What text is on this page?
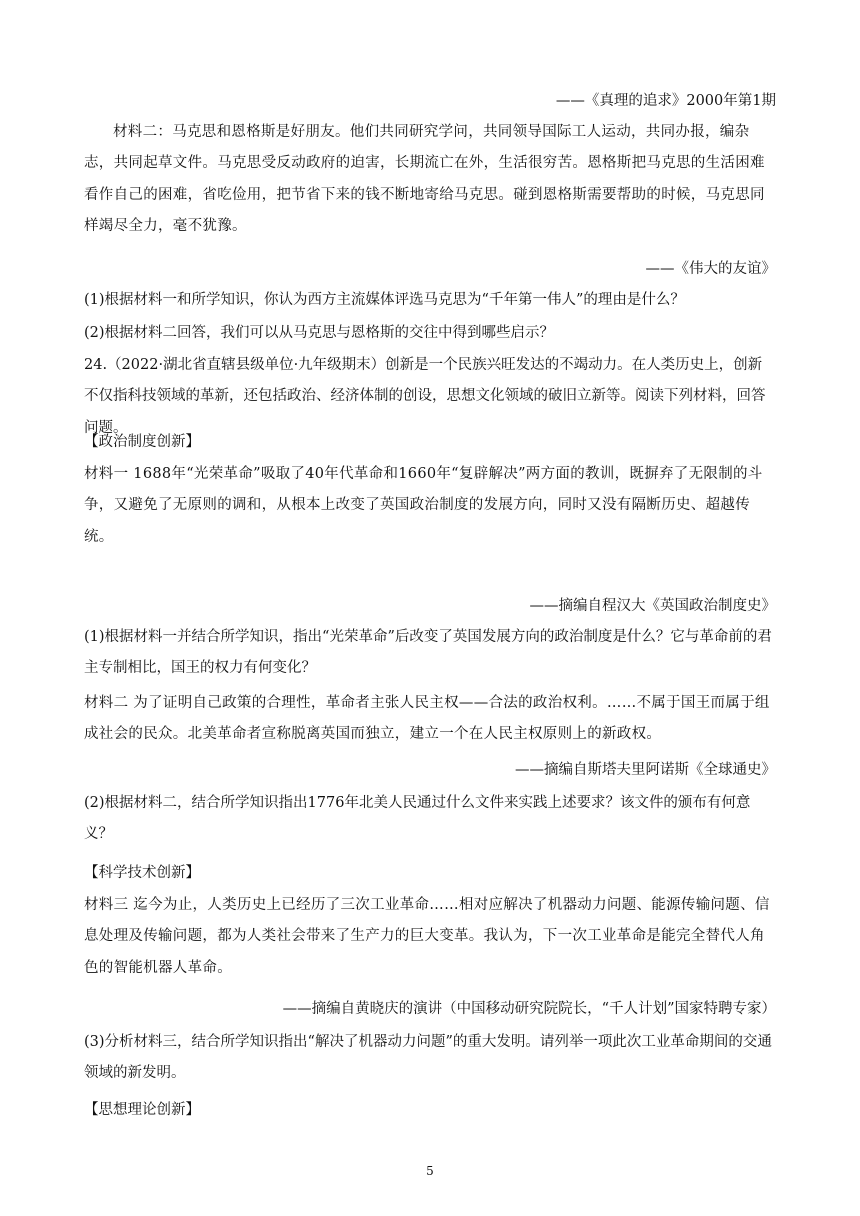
——《真理的追求》2000年第1期

材料二：马克思和恩格斯是好朋友。他们共同研究学问，共同领导国际工人运动，共同办报，编杂志，共同起草文件。马克思受反动政府的迫害，长期流亡在外，生活很穷苦。恩格斯把马克思的生活困难看作自己的困难，省吃俭用，把节省下来的钱不断地寄给马克思。碰到恩格斯需要帮助的时候，马克思同样竭尽全力，毫不犹豫。

——《伟大的友谊》

(1)根据材料一和所学知识，你认为西方主流媒体评选马克思为“千年第一伟人”的理由是什么？

(2)根据材料二回答，我们可以从马克思与恩格斯的交往中得到哪些启示？

24.（2022·湖北省直辖县级单位·九年级期末）创新是一个民族兴旺发达的不竭动力。在人类历史上，创新不仅指科技领域的革新，还包括政治、经济体制的创设，思想文化领域的破旧立新等。阅读下列材料，回答问题。

【政治制度创新】

材料一 1688年“光荣革命”吸取了40年代革命和1660年“复辟解决”两方面的教训，既摒弃了无限制的斗争，又避免了无原则的调和，从根本上改变了英国政治制度的发展方向，同时又没有隔断历史、超越传统。

——摘编自程汉大《英国政治制度史》

(1)根据材料一并结合所学知识，指出“光荣革命”后改变了英国发展方向的政治制度是什么？它与革命前的君主专制相比，国王的权力有何变化？

材料二 为了证明自己政策的合理性，革命者主张人民主权——合法的政治权利。……不属于国王而属于组成社会的民众。北美革命者宣称脱离英国而独立，建立一个在人民主权原则上的新政权。

——摘编自斯塔夫里阿诺斯《全球通史》

(2)根据材料二，结合所学知识指出1776年北美人民通过什么文件来实践上述要求？该文件的颁布有何意义？

【科学技术创新】

材料三 迄今为止，人类历史上已经历了三次工业革命……相对应解决了机器动力问题、能源传输问题、信息处理及传输问题，都为人类社会带来了生产力的巨大变革。我认为，下一次工业革命是能完全替代人角色的智能机器人革命。

——摘编自黄晓庆的演讲（中国移动研究院院长，“千人计划”国家特聘专家）

(3)分析材料三，结合所学知识指出“解决了机器动力问题”的重大发明。请列举一项此次工业革命期间的交通领域的新发明。

【思想理论创新】

5
